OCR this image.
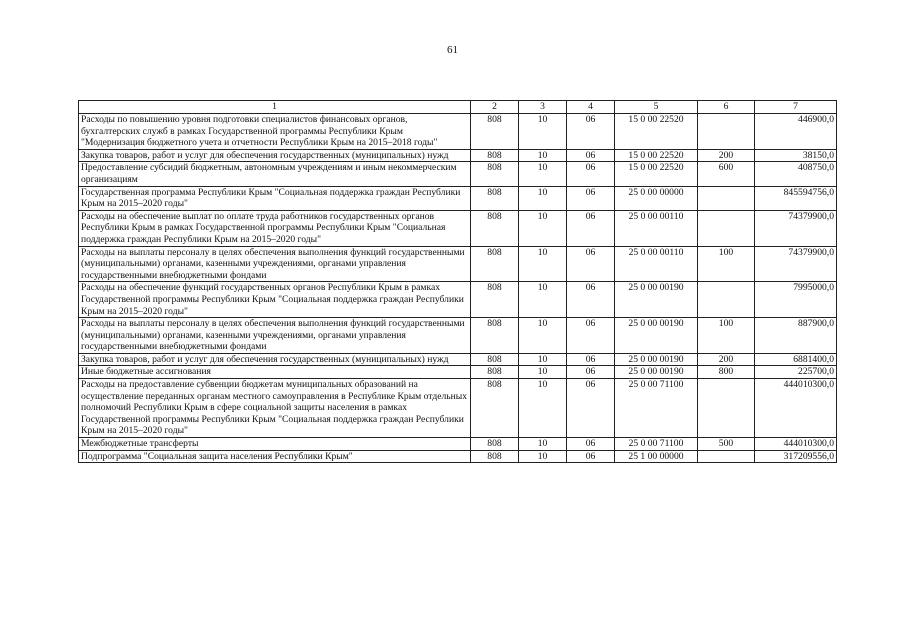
61
1	2	3	4	5	6	7
Расходы по повышению уровня подготовки специалистов финансовых органов, бухгалтерских служб в рамках Государственной программы Республики Крым "Модернизация бюджетного учета и отчетности Республики Крым на 2015–2018 годы"	808	10	06	15 0 00 22520		446900,0
Закупка товаров, работ и услуг для обеспечения государственных (муниципальных) нужд	808	10	06	15 0 00 22520	200	38150,0
Предоставление субсидий бюджетным, автономным учреждениям и иным некоммерческим организациям	808	10	06	15 0 00 22520	600	408750,0
Государственная программа Республики Крым "Социальная поддержка граждан Республики Крым на 2015–2020 годы"	808	10	06	25 0 00 00000		845594756,0
Расходы на обеспечение выплат по оплате труда работников государственных органов Республики Крым в рамках Государственной программы Республики Крым "Социальная поддержка граждан Республики Крым на 2015–2020 годы"	808	10	06	25 0 00 00110		74379900,0
Расходы на выплаты персоналу в целях обеспечения выполнения функций государственными (муниципальными) органами, казенными учреждениями, органами управления государственными внебюджетными фондами	808	10	06	25 0 00 00110	100	74379900,0
Расходы на обеспечение функций государственных органов Республики Крым в рамках Государственной программы Республики Крым "Социальная поддержка граждан Республики Крым на 2015–2020 годы"	808	10	06	25 0 00 00190		7995000,0
Расходы на выплаты персоналу в целях обеспечения выполнения функций государственными (муниципальными) органами, казенными учреждениями, органами управления государственными внебюджетными фондами	808	10	06	25 0 00 00190	100	887900,0
Закупка товаров, работ и услуг для обеспечения государственных (муниципальных) нужд	808	10	06	25 0 00 00190	200	6881400,0
Иные бюджетные ассигнования	808	10	06	25 0 00 00190	800	225700,0
Расходы на предоставление субвенции бюджетам муниципальных образований на осуществление переданных органам местного самоуправления в Республике Крым отдельных полномочий Республики Крым в сфере социальной защиты населения в рамках Государственной программы Республики Крым "Социальная поддержка граждан Республики Крым на 2015–2020 годы"	808	10	06	25 0 00 71100		444010300,0
Межбюджетные трансферты	808	10	06	25 0 00 71100	500	444010300,0
Подпрограмма "Социальная защита населения Республики Крым"	808	10	06	25 1 00 00000		317209556,0
